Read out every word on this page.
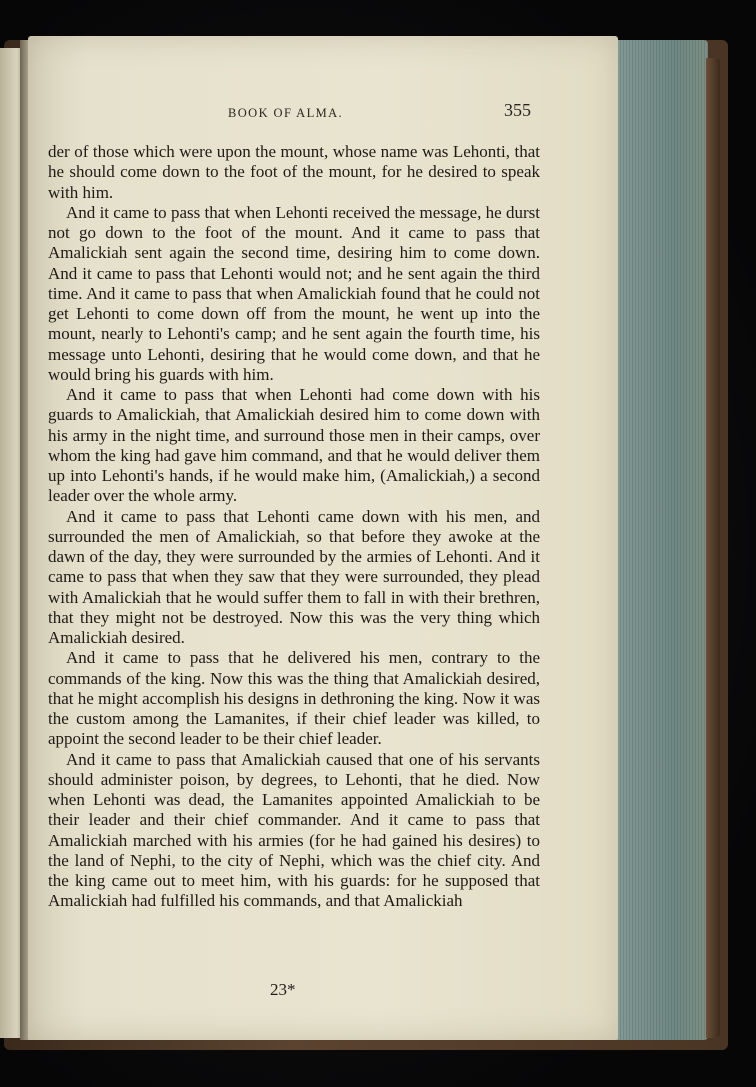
BOOK OF ALMA.	355

der of those which were upon the mount, whose name was Lehonti, that he should come down to the foot of the mount, for he desired to speak with him.

And it came to pass that when Lehonti received the message, he durst not go down to the foot of the mount. And it came to pass that Amalickiah sent again the second time, desiring him to come down. And it came to pass that Lehonti would not; and he sent again the third time. And it came to pass that when Amalickiah found that he could not get Lehonti to come down off from the mount, he went up into the mount, nearly to Lehonti's camp; and he sent again the fourth time, his message unto Lehonti, desiring that he would come down, and that he would bring his guards with him.

And it came to pass that when Lehonti had come down with his guards to Amalickiah, that Amalickiah desired him to come down with his army in the night time, and surround those men in their camps, over whom the king had gave him command, and that he would deliver them up into Lehonti's hands, if he would make him, (Amalickiah,) a second leader over the whole army.

And it came to pass that Lehonti came down with his men, and surrounded the men of Amalickiah, so that before they awoke at the dawn of the day, they were surrounded by the armies of Lehonti. And it came to pass that when they saw that they were surrounded, they plead with Amalickiah that he would suffer them to fall in with their brethren, that they might not be destroyed. Now this was the very thing which Amalickiah desired.

And it came to pass that he delivered his men, contrary to the commands of the king. Now this was the thing that Amalickiah desired, that he might accomplish his designs in dethroning the king. Now it was the custom among the Lamanites, if their chief leader was killed, to appoint the second leader to be their chief leader.

And it came to pass that Amalickiah caused that one of his servants should administer poison, by degrees, to Lehonti, that he died. Now when Lehonti was dead, the Lamanites appointed Amalickiah to be their leader and their chief commander. And it came to pass that Amalickiah marched with his armies (for he had gained his desires) to the land of Nephi, to the city of Nephi, which was the chief city. And the king came out to meet him, with his guards: for he supposed that Amalickiah had fulfilled his commands, and that Amalickiah

23*
